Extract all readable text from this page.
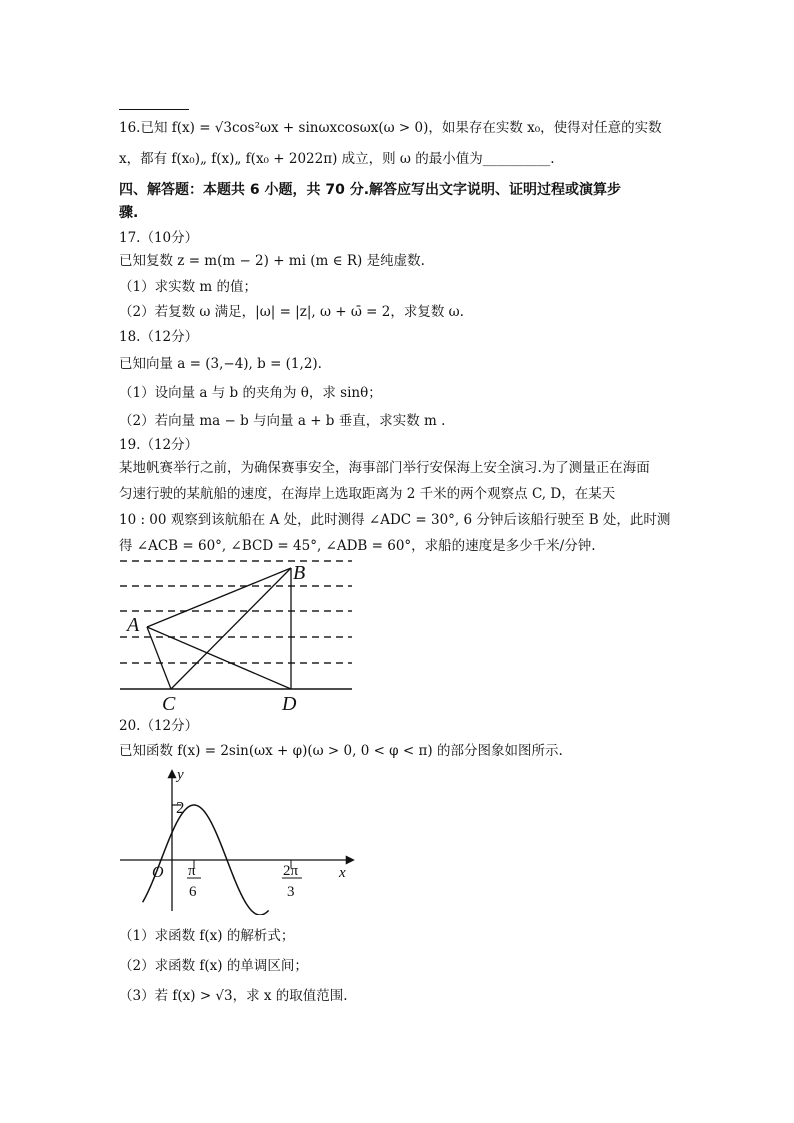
16.已知 f(x) = √3cos²ωx + sinωxcosωx(ω > 0)，如果存在实数 x₀，使得对任意的实数
x，都有 f(x₀)„ f(x)„ f(x₀ + 2022π) 成立，则 ω 的最小值为__________.
四、解答题：本题共 6 小题，共 70 分.解答应写出文字说明、证明过程或演算步
骤.
17.（10分）
已知复数 z = m(m − 2) + mi (m ∈ R) 是纯虚数.
（1）求实数 m 的值；
（2）若复数 ω 满足，|ω| = |z|, ω + ω̄ = 2，求复数 ω.
18.（12分）
已知向量 a = (3,−4), b = (1,2).
（1）设向量 a 与 b 的夹角为 θ，求 sinθ；
（2）若向量 ma − b 与向量 a + b 垂直，求实数 m .
19.（12分）
某地帆赛举行之前，为确保赛事安全，海事部门举行安保海上安全演习.为了测量正在海面
匀速行驶的某航船的速度，在海岸上选取距离为 2 千米的两个观察点 C, D，在某天
10 : 00 观察到该航船在 A 处，此时测得 ∠ADC = 30°, 6 分钟后该船行驶至 B 处，此时测
得 ∠ACB = 60°, ∠BCD = 45°, ∠ADB = 60°，求船的速度是多少千米/分钟.
A
B
C	D
20.（12分）
已知函数 f(x) = 2sin(ωx + φ)(ω > 0, 0 < φ < π) 的部分图象如图所示.
y
x
O
2
π
6
2π
3
（1）求函数 f(x) 的解析式；
（2）求函数 f(x) 的单调区间；
（3）若 f(x) > √3，求 x 的取值范围.
